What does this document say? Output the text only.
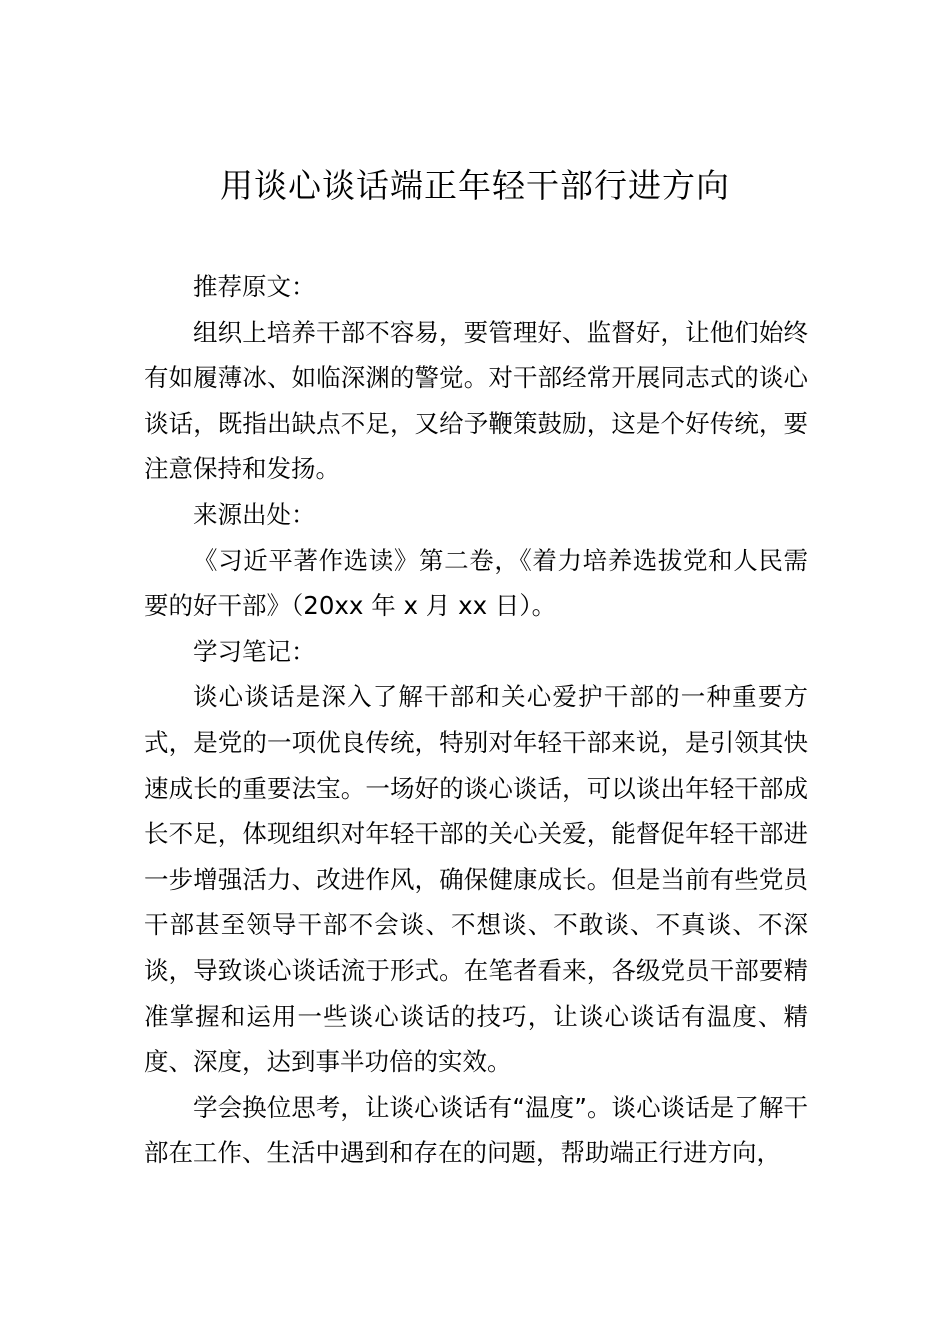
用谈心谈话端正年轻干部行进方向

推荐原文：

组织上培养干部不容易，要管理好、监督好，让他们始终有如履薄冰、如临深渊的警觉。对干部经常开展同志式的谈心谈话，既指出缺点不足，又给予鞭策鼓励，这是个好传统，要注意保持和发扬。

来源出处：

《习近平著作选读》第二卷，《着力培养选拔党和人民需要的好干部》（20xx 年 x 月 xx 日）。

学习笔记：

谈心谈话是深入了解干部和关心爱护干部的一种重要方式，是党的一项优良传统，特别对年轻干部来说，是引领其快速成长的重要法宝。一场好的谈心谈话，可以谈出年轻干部成长不足，体现组织对年轻干部的关心关爱，能督促年轻干部进一步增强活力、改进作风，确保健康成长。但是当前有些党员干部甚至领导干部不会谈、不想谈、不敢谈、不真谈、不深谈，导致谈心谈话流于形式。在笔者看来，各级党员干部要精准掌握和运用一些谈心谈话的技巧，让谈心谈话有温度、精度、深度，达到事半功倍的实效。

学会换位思考，让谈心谈话有“温度”。谈心谈话是了解干部在工作、生活中遇到和存在的问题，帮助端正行进方向，
